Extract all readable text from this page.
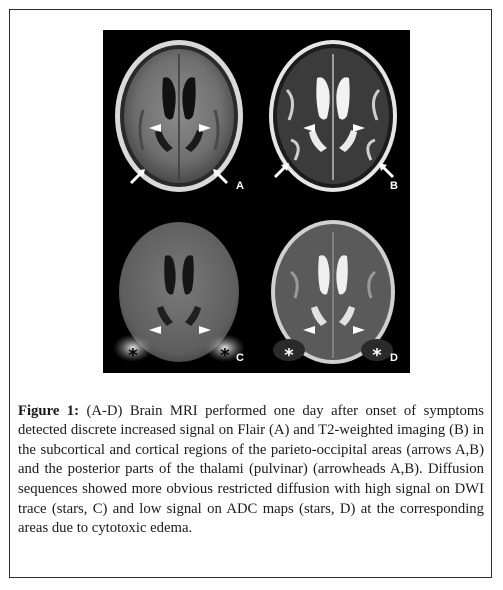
A	B
*	* C *	* D

Figure 1: (A-D) Brain MRI performed one day after onset of symptoms detected discrete increased signal on Flair (A) and T2-weighted imaging (B) in the subcortical and cortical regions of the parieto-occipital areas (arrows A,B) and the posterior parts of the thalami (pulvinar) (arrowheads A,B). Diffusion sequences showed more obvious restricted diffusion with high signal on DWI trace (stars, C) and low signal on ADC maps (stars, D) at the corresponding areas due to cytotoxic edema.
